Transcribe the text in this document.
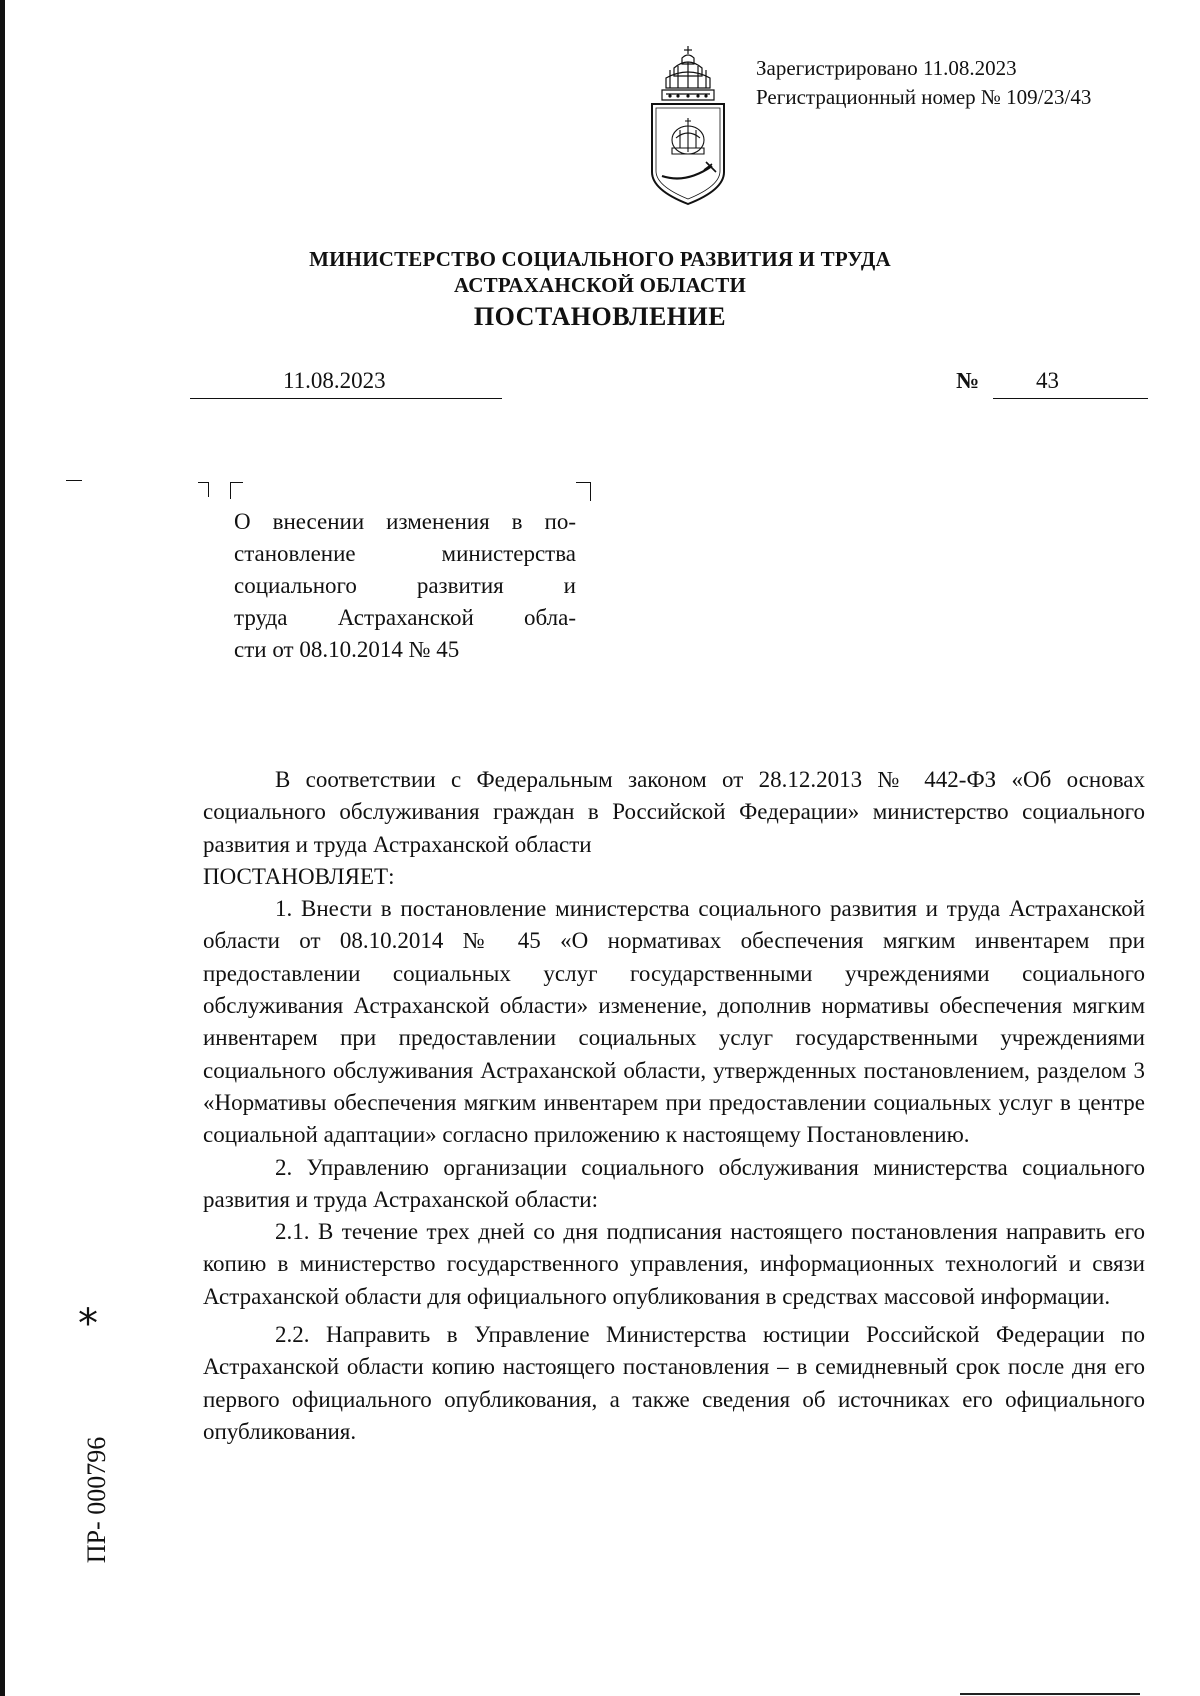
Зарегистрировано 11.08.2023
Регистрационный номер № 109/23/43
МИНИСТЕРСТВО СОЦИАЛЬНОГО РАЗВИТИЯ И ТРУДА
АСТРАХАНСКОЙ ОБЛАСТИ
ПОСТАНОВЛЕНИЕ
11.08.2023	№ 43
О внесении изменения в по-
становление министерства
социального развития и
труда Астраханской обла-
сти от 08.10.2014 № 45

В соответствии с Федеральным законом от 28.12.2013 № 442-ФЗ «Об основах социального обслуживания граждан в Российской Федерации» министерство социального развития и труда Астраханской области

ПОСТАНОВЛЯЕТ:

1. Внести в постановление министерства социального развития и труда Астраханской области от 08.10.2014 № 45 «О нормативах обеспечения мягким инвентарем при предоставлении социальных услуг государственными учреждениями социального обслуживания Астраханской области» изменение, дополнив нормативы обеспечения мягким инвентарем при предоставлении социальных услуг государственными учреждениями социального обслуживания Астраханской области, утвержденных постановлением, разделом 3 «Нормативы обеспечения мягким инвентарем при предоставлении социальных услуг в центре социальной адаптации» согласно приложению к настоящему Постановлению.

2. Управлению организации социального обслуживания министерства социального развития и труда Астраханской области:

2.1. В течение трех дней со дня подписания настоящего постановления направить его копию в министерство государственного управления, информационных технологий и связи Астраханской области для официального опубликования в средствах массовой информации.

2.2. Направить в Управление Министерства юстиции Российской Федерации по Астраханской области копию настоящего постановления – в семидневный срок после дня его первого официального опубликования, а также сведения об источниках его официального опубликования.

*
ПР- 000796
